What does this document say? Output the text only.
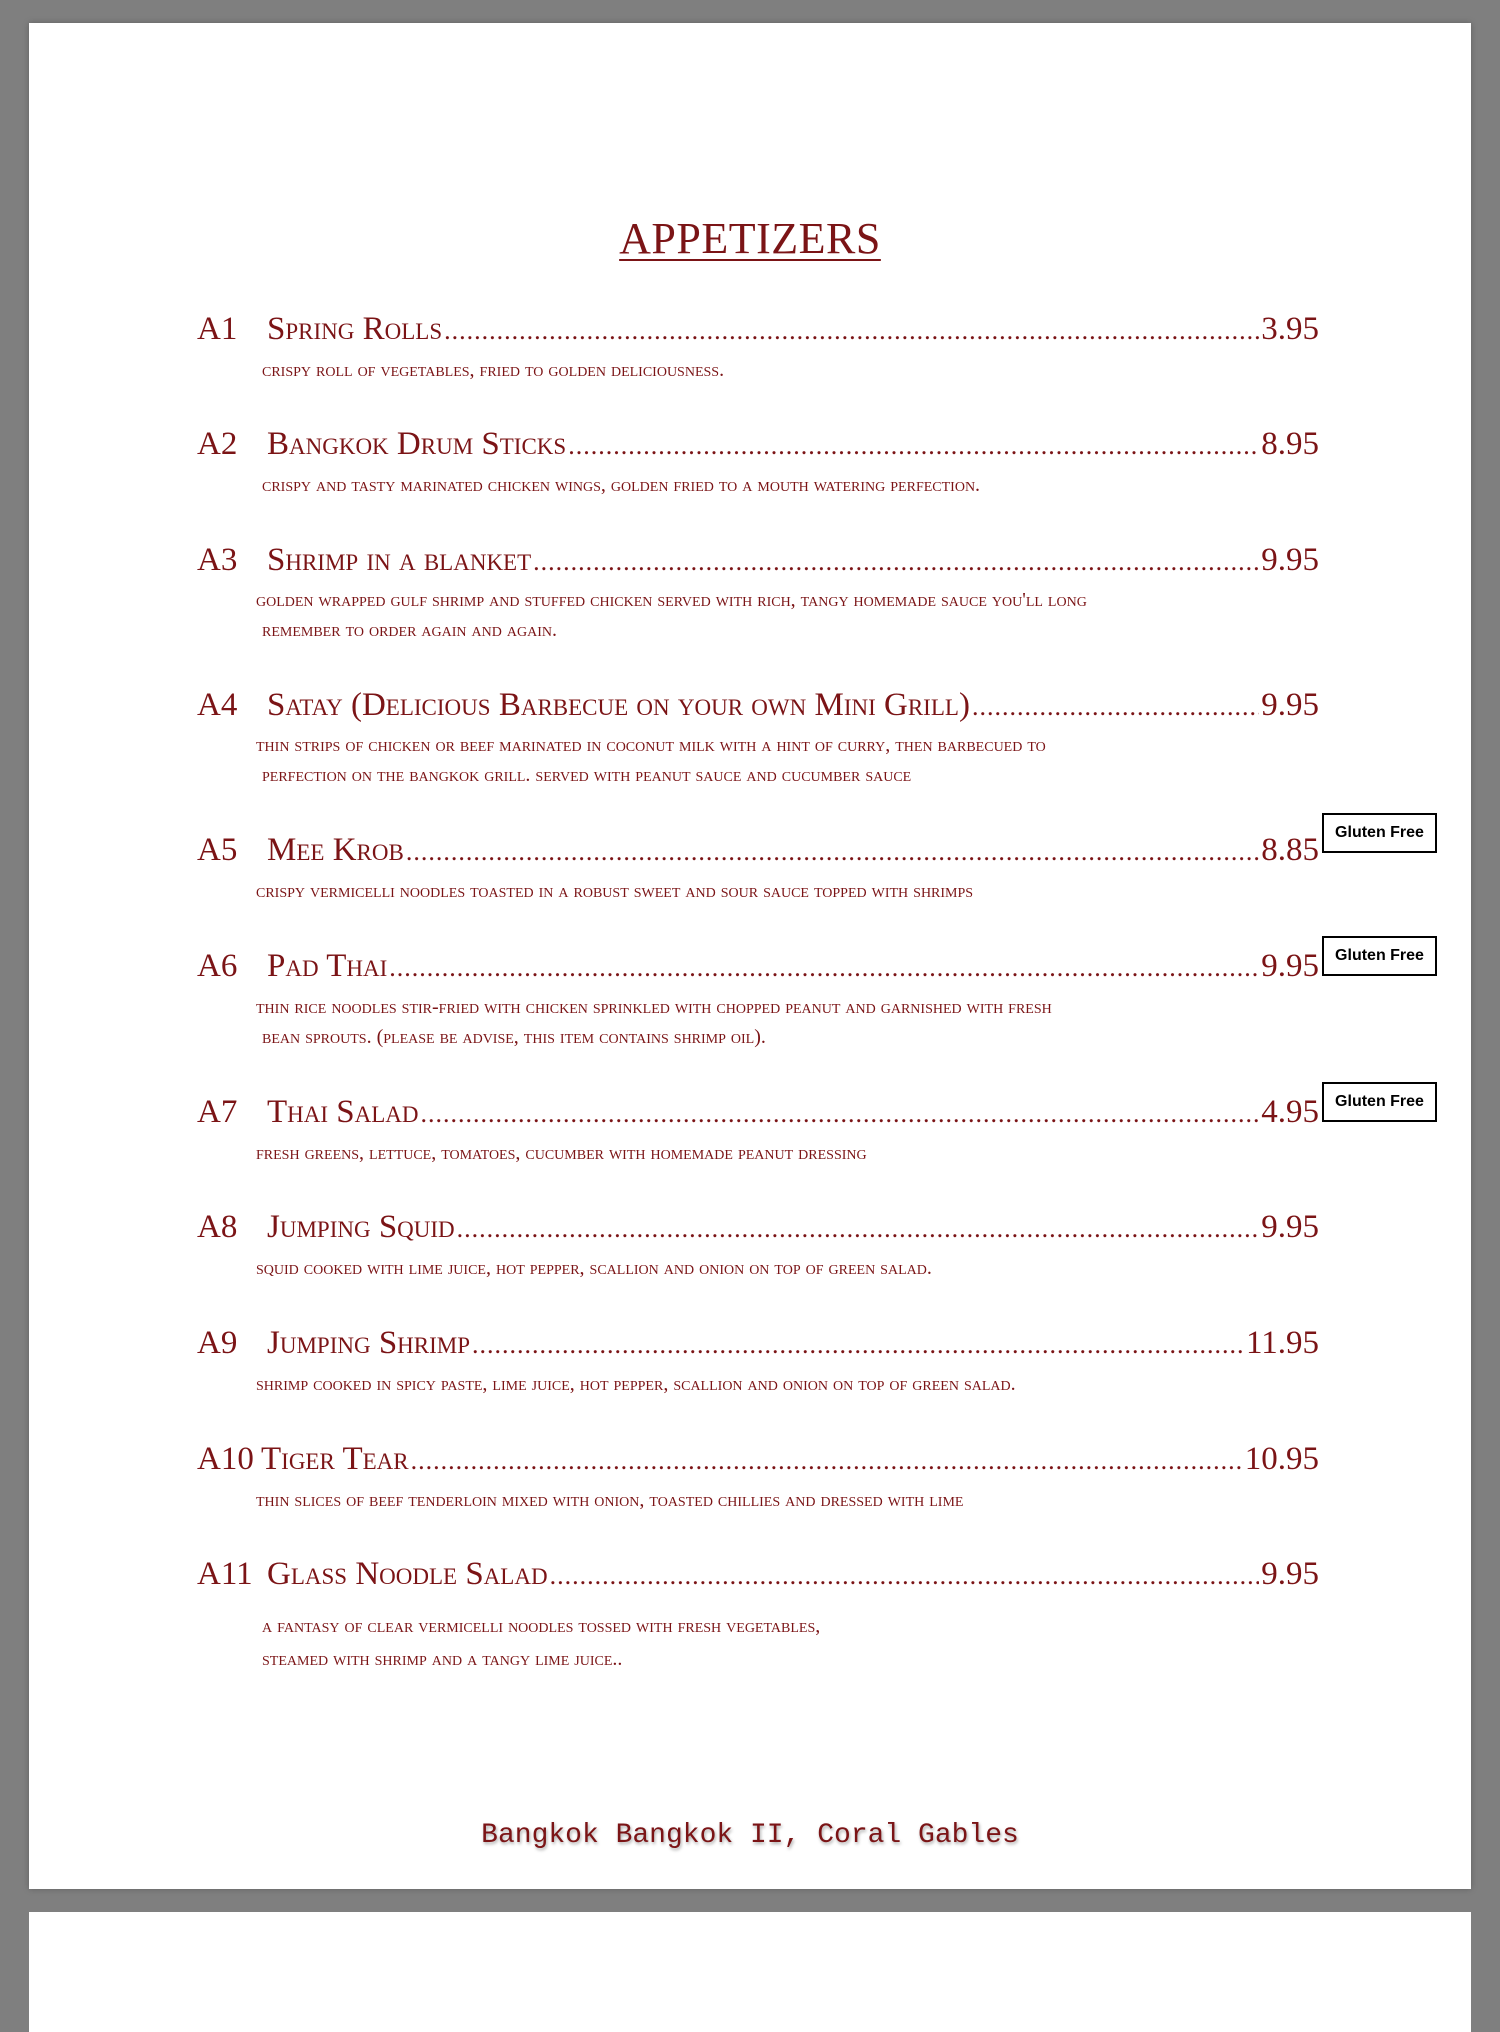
APPETIZERS
A1 Spring Rolls .....	3.95
crispy roll of vegetables, fried to golden deliciousness.
A2 Bangkok Drum Sticks .....	8.95
crispy and tasty marinated chicken wings, golden fried to a mouth watering perfection.
A3 Shrimp in a blanket .....	9.95
golden wrapped gulf shrimp and stuffed chicken served with rich, tangy homemade sauce you'll long
remember to order again and again.
A4 Satay (Delicious Barbecue on your own Mini Grill) .....	9.95
thin strips of chicken or beef marinated in coconut milk with a hint of curry, then barbecued to
perfection on the bangkok grill. served with peanut sauce and cucumber sauce
A5 Mee Krob .....	8.85
crispy vermicelli noodles toasted in a robust sweet and sour sauce topped with shrimps
Gluten Free
A6 Pad Thai .....	9.95
thin rice noodles stir-fried with chicken sprinkled with chopped peanut and garnished with fresh
bean sprouts. (please be advise, this item contains shrimp oil).
Gluten Free
A7 Thai Salad .....	4.95
fresh greens, lettuce, tomatoes, cucumber with homemade peanut dressing
Gluten Free
A8 Jumping Squid .....	9.95
squid cooked with lime juice, hot pepper, scallion and onion on top of green salad.
A9 Jumping Shrimp .....	11.95
shrimp cooked in spicy paste, lime juice, hot pepper, scallion and onion on top of green salad.
A10 Tiger Tear .....	10.95
thin slices of beef tenderloin mixed with onion, toasted chillies and dressed with lime
A11 Glass Noodle Salad .....	9.95
a fantasy of clear vermicelli noodles tossed with fresh vegetables,
steamed with shrimp and a tangy lime juice..
Bangkok Bangkok II, Coral Gables
